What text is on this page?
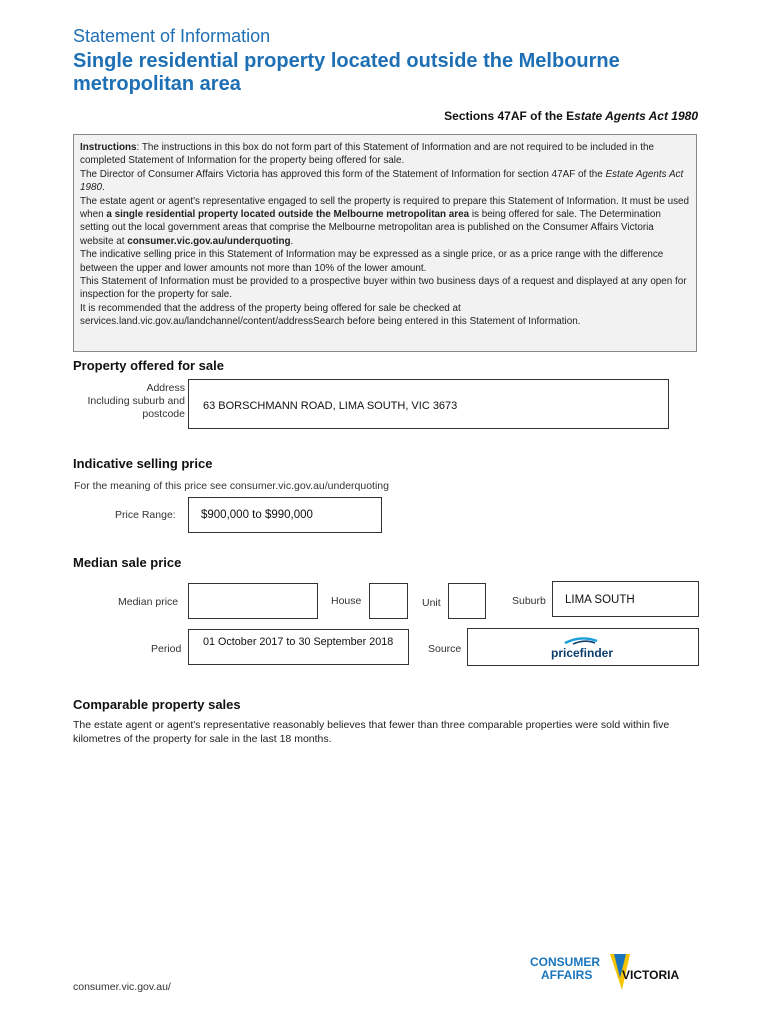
Statement of Information
Single residential property located outside the Melbourne metropolitan area
Sections 47AF of the Estate Agents Act 1980

Instructions: The instructions in this box do not form part of this Statement of Information and are not required to be included in the completed Statement of Information for the property being offered for sale.

The Director of Consumer Affairs Victoria has approved this form of the Statement of Information for section 47AF of the Estate Agents Act 1980.

The estate agent or agent's representative engaged to sell the property is required to prepare this Statement of Information. It must be used when a single residential property located outside the Melbourne metropolitan area is being offered for sale. The Determination setting out the local government areas that comprise the Melbourne metropolitan area is published on the Consumer Affairs Victoria website at consumer.vic.gov.au/underquoting.

The indicative selling price in this Statement of Information may be expressed as a single price, or as a price range with the difference between the upper and lower amounts not more than 10% of the lower amount.

This Statement of Information must be provided to a prospective buyer within two business days of a request and displayed at any open for inspection for the property for sale.

It is recommended that the address of the property being offered for sale be checked at services.land.vic.gov.au/landchannel/content/addressSearch before being entered in this Statement of Information.

Property offered for sale
Address
Including suburb and
postcode
63 BORSCHMANN ROAD, LIMA SOUTH, VIC 3673
Indicative selling price
For the meaning of this price see consumer.vic.gov.au/underquoting
Price Range:	$900,000 to $990,000
Median sale price
Median price	House	Unit	Suburb	LIMA SOUTH
Period
01 October 2017 to 30 September 2018
Source	pricefinder
Comparable property sales
The estate agent or agent's representative reasonably believes that fewer than three comparable properties were sold within five kilometres of the property for sale in the last 18 months.
consumer.vic.gov.au/
CONSUMER
AFFAIRS VICTORIA
